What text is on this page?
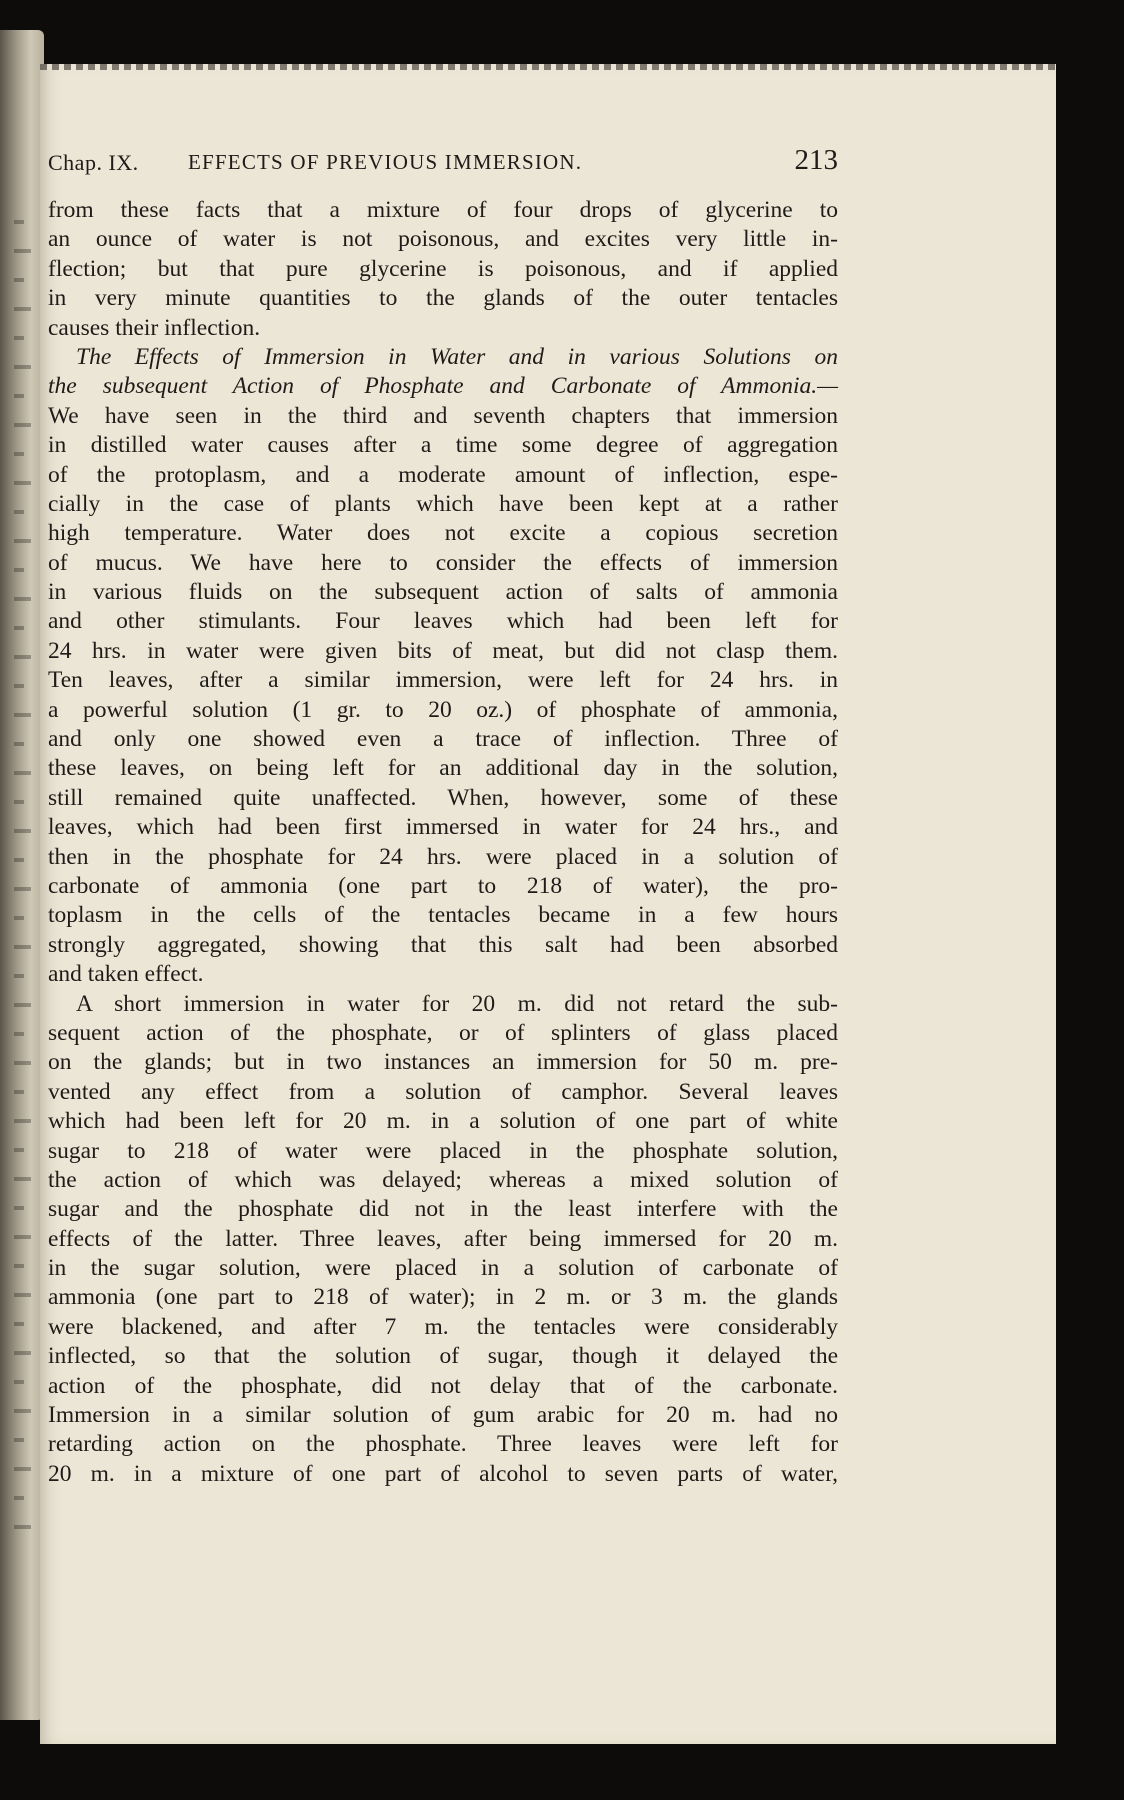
Chap. IX. EFFECTS OF PREVIOUS IMMERSION.	213
from these facts that a mixture of four drops of glycerine to
an ounce of water is not poisonous, and excites very little in-
flection; but that pure glycerine is poisonous, and if applied
in very minute quantities to the glands of the outer tentacles
causes their inflection.
The Effects of Immersion in Water and in various Solutions on
the subsequent Action of Phosphate and Carbonate of Ammonia.—
We have seen in the third and seventh chapters that immersion
in distilled water causes after a time some degree of aggregation
of the protoplasm, and a moderate amount of inflection, espe-
cially in the case of plants which have been kept at a rather
high temperature. Water does not excite a copious secretion
of mucus. We have here to consider the effects of immersion
in various fluids on the subsequent action of salts of ammonia
and other stimulants. Four leaves which had been left for
24 hrs. in water were given bits of meat, but did not clasp them.
Ten leaves, after a similar immersion, were left for 24 hrs. in
a powerful solution (1 gr. to 20 oz.) of phosphate of ammonia,
and only one showed even a trace of inflection. Three of
these leaves, on being left for an additional day in the solution,
still remained quite unaffected. When, however, some of these
leaves, which had been first immersed in water for 24 hrs., and
then in the phosphate for 24 hrs. were placed in a solution of
carbonate of ammonia (one part to 218 of water), the pro-
toplasm in the cells of the tentacles became in a few hours
strongly aggregated, showing that this salt had been absorbed
and taken effect.
A short immersion in water for 20 m. did not retard the sub-
sequent action of the phosphate, or of splinters of glass placed
on the glands; but in two instances an immersion for 50 m. pre-
vented any effect from a solution of camphor. Several leaves
which had been left for 20 m. in a solution of one part of white
sugar to 218 of water were placed in the phosphate solution,
the action of which was delayed; whereas a mixed solution of
sugar and the phosphate did not in the least interfere with the
effects of the latter. Three leaves, after being immersed for 20 m.
in the sugar solution, were placed in a solution of carbonate of
ammonia (one part to 218 of water); in 2 m. or 3 m. the glands
were blackened, and after 7 m. the tentacles were considerably
inflected, so that the solution of sugar, though it delayed the
action of the phosphate, did not delay that of the carbonate.
Immersion in a similar solution of gum arabic for 20 m. had no
retarding action on the phosphate. Three leaves were left for
20 m. in a mixture of one part of alcohol to seven parts of water,
